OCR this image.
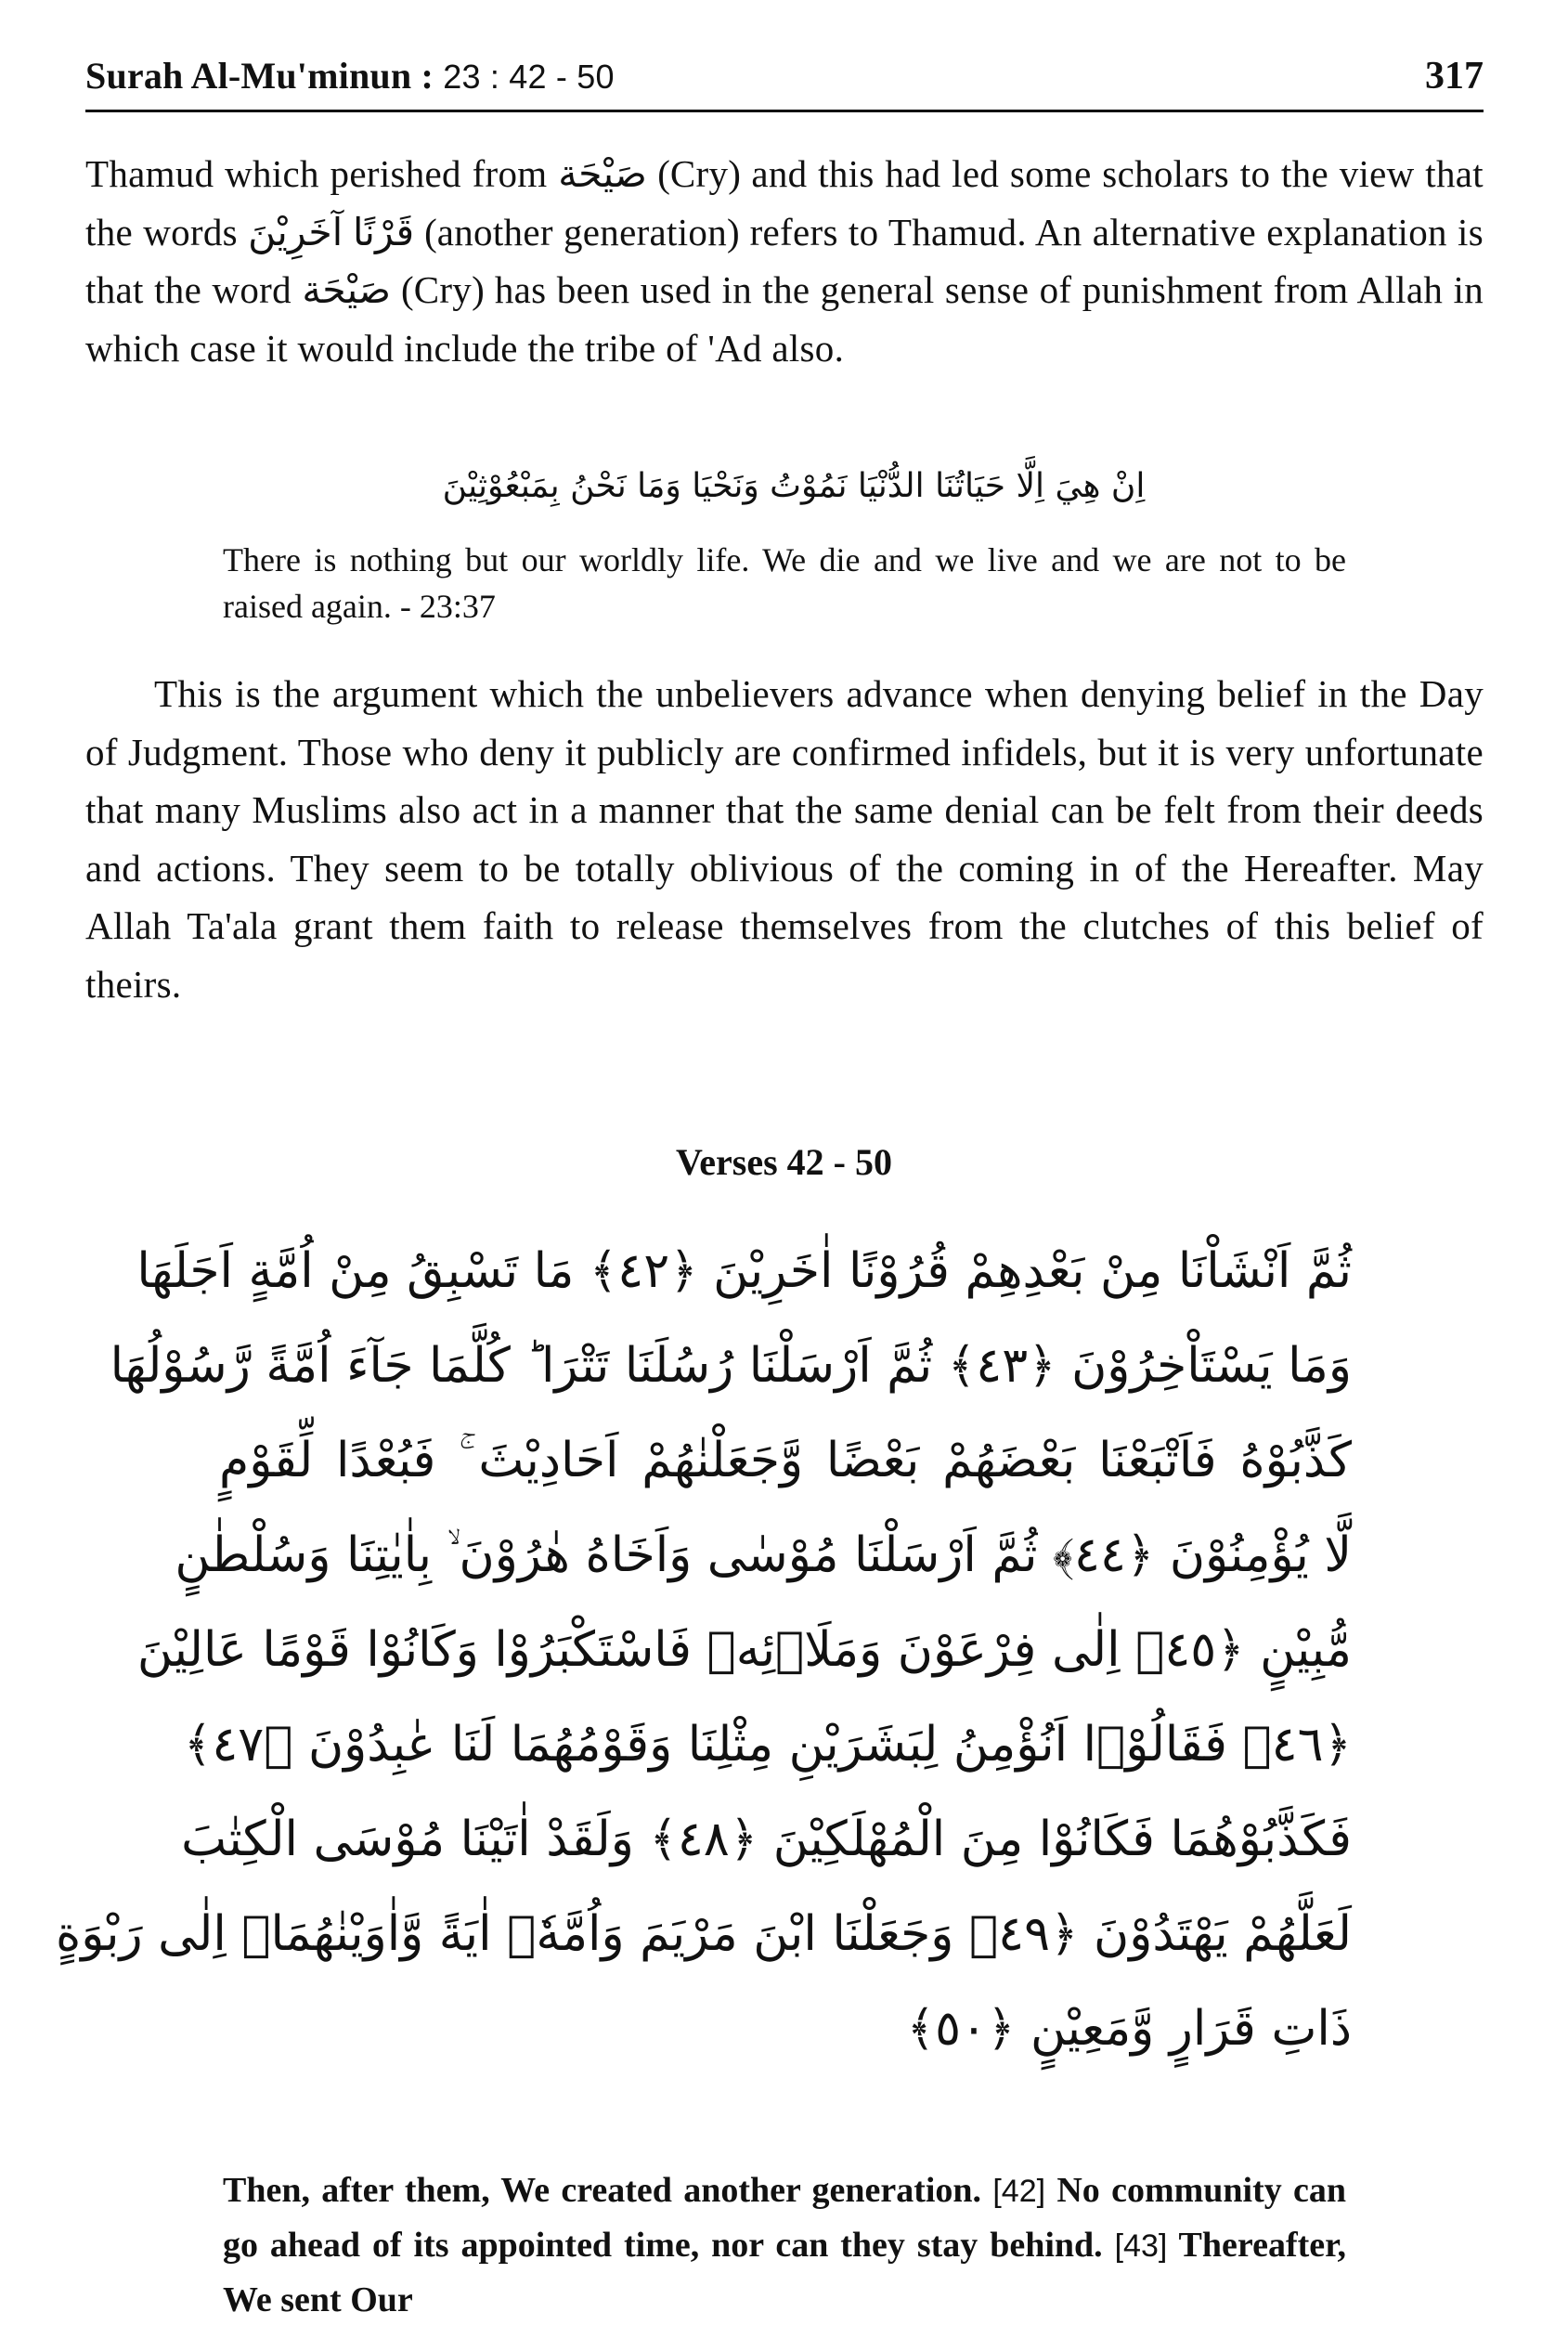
Surah Al-Mu'minun : 23 : 42 - 50	317
Thamud which perished from صَيْحَة (Cry) and this had led some scholars to the view that the words قَرْنًا آخَرِيْنَ (another generation) refers to Thamud. An alternative explanation is that the word صَيْحَة (Cry) has been used in the general sense of punishment from Allah in which case it would include the tribe of 'Ad also.
اِنْ هِيَ اِلَّا حَيَاتُنَا الدُّنْيَا نَمُوْتُ وَنَحْيَا وَمَا نَحْنُ بِمَبْعُوْثِيْنَ
There is nothing but our worldly life. We die and we live and we are not to be raised again. - 23:37
This is the argument which the unbelievers advance when denying belief in the Day of Judgment. Those who deny it publicly are confirmed infidels, but it is very unfortunate that many Muslims also act in a manner that the same denial can be felt from their deeds and actions. They seem to be totally oblivious of the coming in of the Hereafter. May Allah Ta'ala grant them faith to release themselves from the clutches of this belief of theirs.
Verses 42 - 50
ثُمَّ اَنْشَاْنَا مِنْ بَعْدِهِمْ قُرُوْنًا اٰخَرِيْنَ ﴿٤٢﴾ مَا تَسْبِقُ مِنْ اُمَّةٍ اَجَلَهَا
وَمَا يَسْتَاْخِرُوْنَ ﴿٤٣﴾ ثُمَّ اَرْسَلْنَا رُسُلَنَا تَتْرَا ؕ كُلَّمَا جَآءَ اُمَّةً رَّسُوْلُهَا
كَذَّبُوْهُ فَاَتْبَعْنَا بَعْضَهُمْ بَعْضًا وَّجَعَلْنٰهُمْ اَحَادِيْثَ ۚ فَبُعْدًا لِّقَوْمٍ
لَّا يُؤْمِنُوْنَ ﴿٤٤﴾ ثُمَّ اَرْسَلْنَا مُوْسٰى وَاَخَاهُ هٰرُوْنَ ۙ بِاٰيٰتِنَا وَسُلْطٰنٍ
مُّبِيْنٍ ﴿٤٥﴾ اِلٰى فِرْعَوْنَ وَمَلَا۟ئِهٖ فَاسْتَكْبَرُوْا وَكَانُوْا قَوْمًا عَالِيْنَ
﴿٤٦﴾ فَقَالُوْۤا اَنُؤْمِنُ لِبَشَرَيْنِ مِثْلِنَا وَقَوْمُهُمَا لَنَا عٰبِدُوْنَ ﴿٤٧﴾
فَكَذَّبُوْهُمَا فَكَانُوْا مِنَ الْمُهْلَكِيْنَ ﴿٤٨﴾ وَلَقَدْ اٰتَيْنَا مُوْسَى الْكِتٰبَ
لَعَلَّهُمْ يَهْتَدُوْنَ ﴿٤٩﴾ وَجَعَلْنَا ابْنَ مَرْيَمَ وَاُمَّهٗۤ اٰيَةً وَّاٰوَيْنٰهُمَاۤ اِلٰى رَبْوَةٍ
ذَاتِ قَرَارٍ وَّمَعِيْنٍ ﴿٥٠﴾
Then, after them, We created another generation. [42] No community can go ahead of its appointed time, nor can they stay behind. [43] Thereafter, We sent Our
